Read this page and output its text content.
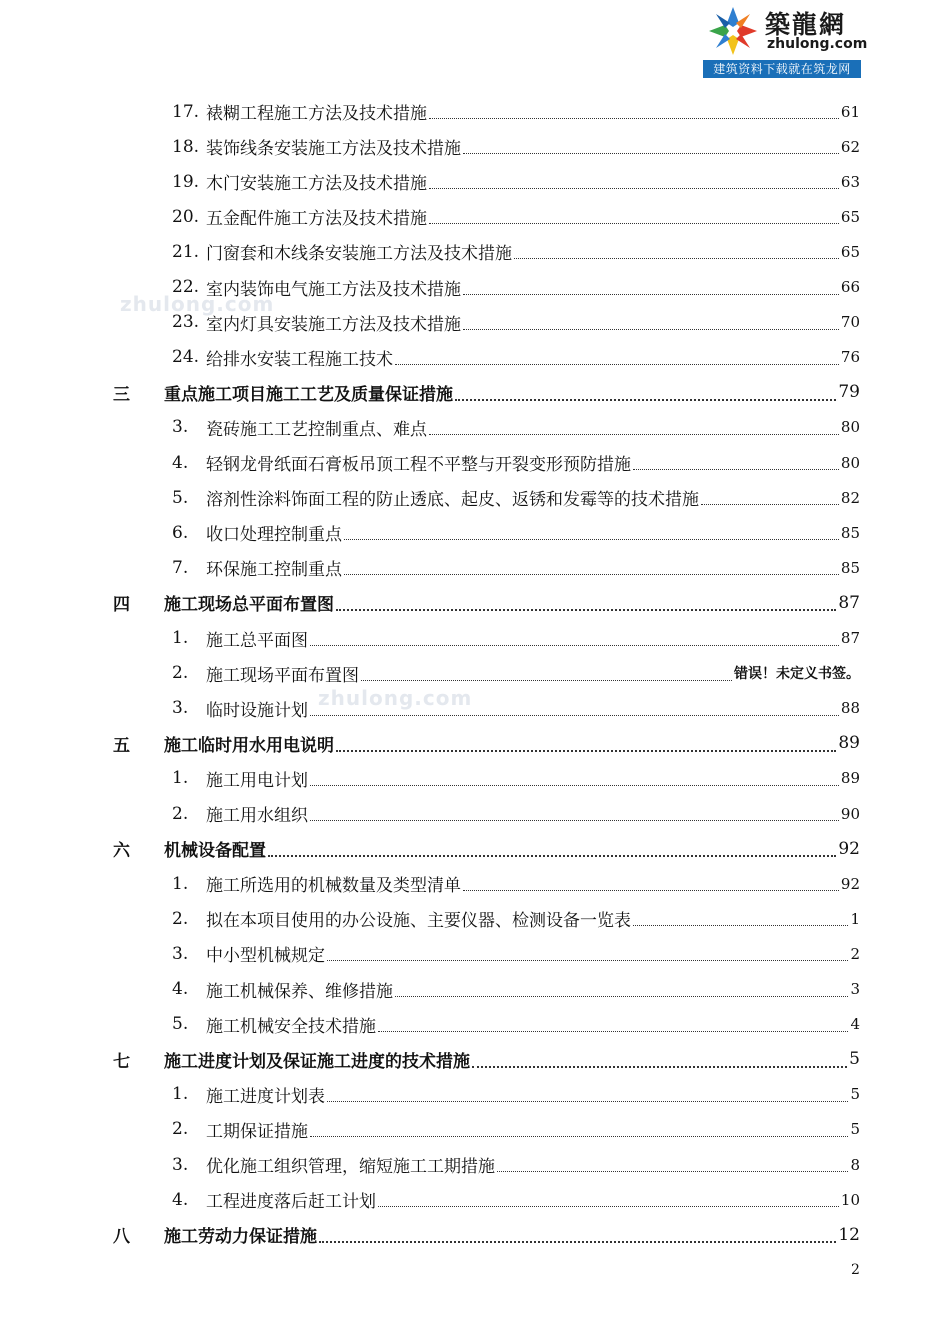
築龍網
zhulong.com
建筑资料下载就在筑龙网
zhulong.com
zhulong.com
17. 裱糊工程施工方法及技术措施	61
18. 装饰线条安装施工方法及技术措施	62
19. 木门安装施工方法及技术措施	63
20. 五金配件施工方法及技术措施	65
21. 门窗套和木线条安装施工方法及技术措施	65
22. 室内装饰电气施工方法及技术措施	66
23. 室内灯具安装施工方法及技术措施	70
24. 给排水安装工程施工技术	76
三	重点施工项目施工工艺及质量保证措施	79
3.	瓷砖施工工艺控制重点、难点	80
4.	轻钢龙骨纸面石膏板吊顶工程不平整与开裂变形预防措施	80
5.	溶剂性涂料饰面工程的防止透底、起皮、返锈和发霉等的技术措施	82
6.	收口处理控制重点	85
7.	环保施工控制重点	85
四	施工现场总平面布置图	87
1.	施工总平面图	87
2.	施工现场平面布置图	错误！未定义书签。
3.	临时设施计划	88
五	施工临时用水用电说明	89
1.	施工用电计划	89
2.	施工用水组织	90
六	机械设备配置	92
1.	施工所选用的机械数量及类型清单	92
2.	拟在本项目使用的办公设施、主要仪器、检测设备一览表	1
3.	中小型机械规定	2
4.	施工机械保养、维修措施	3
5.	施工机械安全技术措施	4
七	施工进度计划及保证施工进度的技术措施	5
1.	施工进度计划表	5
2.	工期保证措施	5
3.	优化施工组织管理，缩短施工工期措施	8
4.	工程进度落后赶工计划	10
八	施工劳动力保证措施	12
2
